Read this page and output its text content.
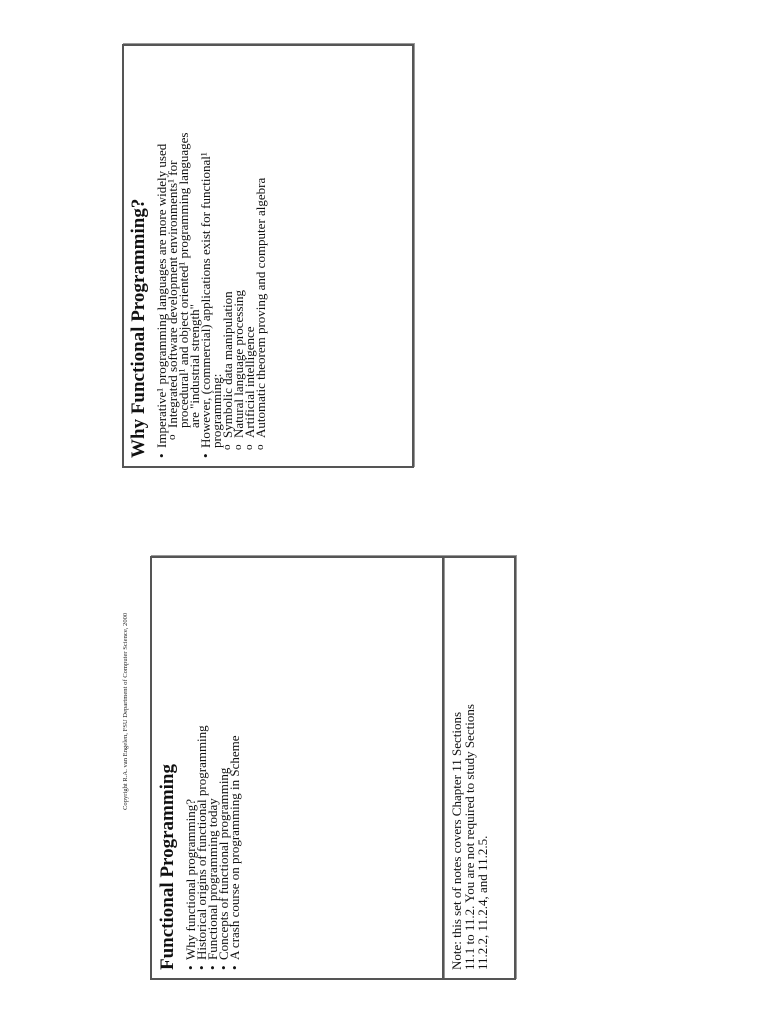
Copyright R.A. van Engelen, FSU Department of Computer Science, 2000
Functional Programming • Why functional programming?
• Historical origins of functional programming
• Functional programming today
• Concepts of functional programming
• A crash course on programming in Scheme	Note: this set of notes covers Chapter 11 Sections
11.1 to 11.2. You are not required to study Sections
11.2.2, 11.2.4, and 11.2.5.
Why Functional Programming? • Imperative¹ programming languages are more widely used
o Integrated software development environments¹ for
procedural¹ and object oriented¹ programming languages
are "industrial strength"
• However, (commercial) applications exist for functional¹
programming:
o Symbolic data manipulation
o Natural language processing
o Artificial intelligence
o Automatic theorem proving and computer algebra
